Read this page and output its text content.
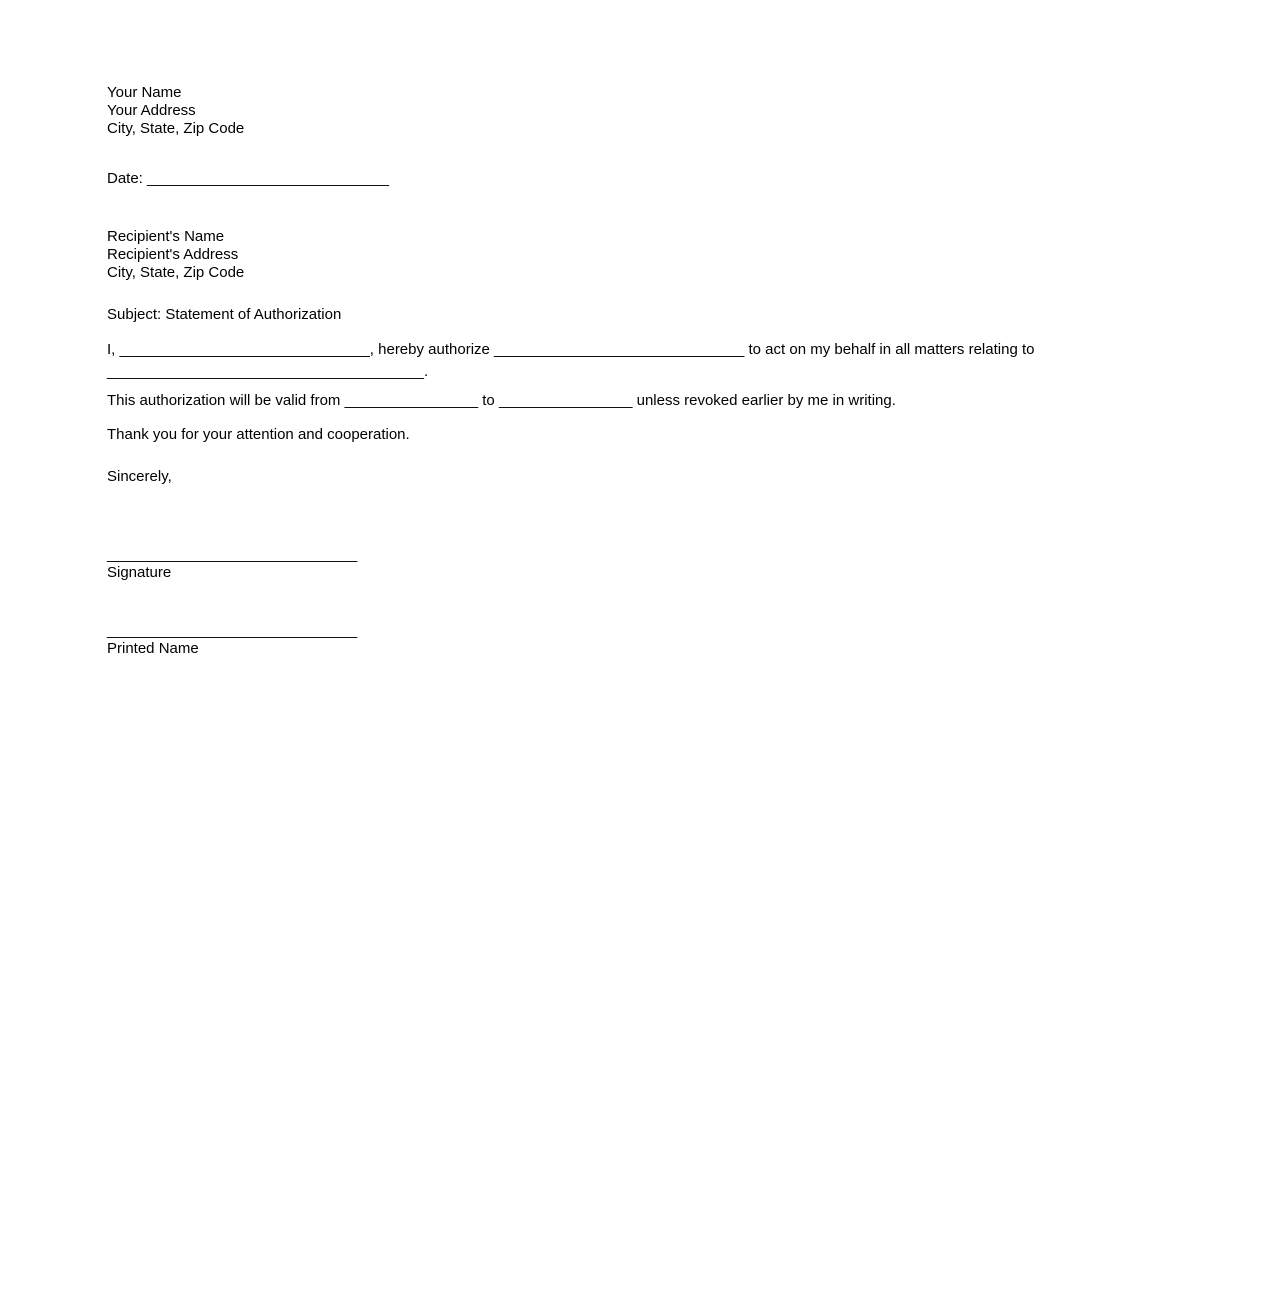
Your Name
Your Address
City, State, Zip Code
Date: _____________________________
Recipient's Name
Recipient's Address
City, State, Zip Code
Subject: Statement of Authorization

I, ______________________________, hereby authorize ______________________________ to act on my behalf in all matters relating to ______________________________________.

This authorization will be valid from ________________ to ________________ unless revoked earlier by me in writing.

Thank you for your attention and cooperation.

Sincerely,

______________________________
Signature
______________________________
Printed Name
